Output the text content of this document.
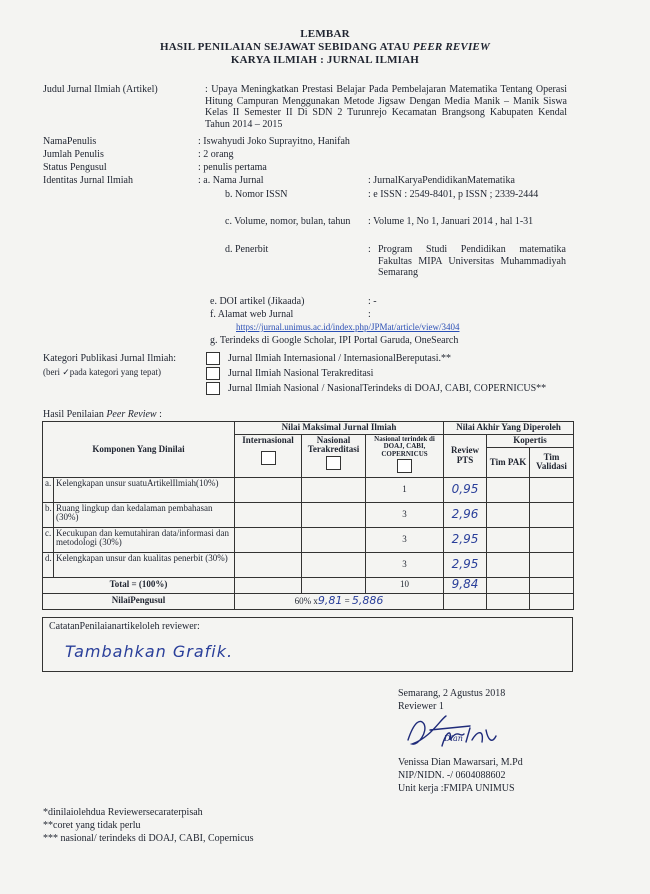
LEMBAR
HASIL PENILAIAN SEJAWAT SEBIDANG ATAU PEER REVIEW
KARYA ILMIAH : JURNAL ILMIAH
Judul Jurnal Ilmiah (Artikel)	: Upaya Meningkatkan Prestasi Belajar Pada Pembelajaran Matematika Tentang Operasi Hitung Campuran Menggunakan Metode Jigsaw Dengan Media Manik – Manik Siswa Kelas II Semester II Di SDN 2 Turunrejo Kecamatan Brangsong Kabupaten Kendal Tahun 2014 – 2015
NamaPenulis	: Iswahyudi Joko Suprayitno, Hanifah
Jumlah Penulis	: 2 orang
Status Pengusul	: penulis pertama
Identitas Jurnal Ilmiah	: a. Nama Jurnal	: JurnalKaryaPendidikanMatematika
b. Nomor ISSN	: e ISSN : 2549-8401, p ISSN ; 2339-2444
c. Volume, nomor, bulan, tahun : Volume 1, No 1, Januari 2014 , hal 1-31
d. Penerbit	: Program Studi Pendidikan matematika Fakultas MIPA Universitas Muhammadiyah Semarang
e. DOI artikel (Jikaada)	: -
f. Alamat web Jurnal	:
https://jurnal.unimus.ac.id/index.php/JPMat/article/view/3404
g. Terindeks di Google Scholar, IPI Portal Garuda, OneSearch
Kategori Publikasi Jurnal Ilmiah:
(beri ✓pada kategori yang tepat)
Jurnal Ilmiah Internasional / InternasionalBereputasi.**
Jurnal Ilmiah Nasional Terakreditasi
Jurnal Ilmiah Nasional / NasionalTerindeks di DOAJ, CABI, COPERNICUS**
Hasil Penilaian Peer Review :
Komponen Yang Dinilai		Nilai Maksimal Jurnal Ilmiah			Nilai Akhir Yang Diperoleh		

		Internasional	Nasional Terakreditasi	Nasional terindek di DOAJ, CABI, COPERNICUS	Review PTS	Kopertis	
						Tim PAK	Tim Validasi
a.	Kelengkapan unsur suatuArtikelIlmiah(10%)			1	0,95		
b.	Ruang lingkup dan kedalaman pembahasan (30%)			3	2,96		
c.	Kecukupan dan kemutahiran data/informasi dan metodologi (30%)			3	2,95		
d.	Kelengkapan unsur dan kualitas penerbit (30%)			3	2,95		
Total = (100%)				10	9,84		
NilaiPengusul		60% x9,81 = 5,886					
CatatanPenilaianartikeloleh reviewer:
Tambahkan Grafik.
Semarang, 2 Agustus 2018
Reviewer 1
Dian
Venissa Dian Mawarsari, M.Pd
NIP/NIDN. -/ 0604088602
Unit kerja :FMIPA UNIMUS
*dinilaiolehdua Reviewersecaraterpisah
**coret yang tidak perlu
*** nasional/ terindeks di DOAJ, CABI, Copernicus
